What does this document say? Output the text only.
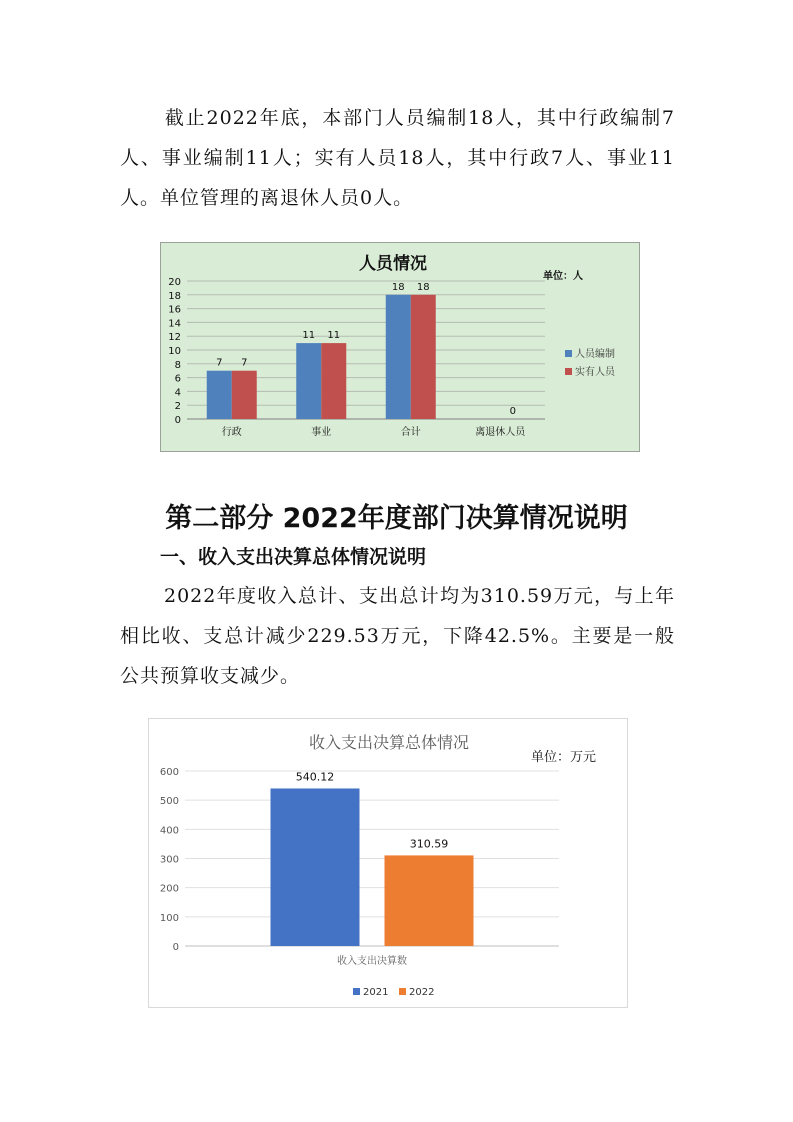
截止2022年底，本部门人员编制18人，其中行政编制7人、事业编制11人；实有人员18人，其中行政7人、事业11人。单位管理的离退休人员0人。
人员情况
单位：人
0
2
4
6
8
10
12
14
16
18
20
行政
7 7
事业
11 11
合计
18 18
离退休人员
0
人员编制
实有人员
第二部分 2022年度部门决算情况说明
一、收入支出决算总体情况说明
2022年度收入总计、支出总计均为310.59万元，与上年相比收、支总计减少229.53万元，下降42.5%。主要是一般公共预算收支减少。
收入支出决算总体情况
单位：万元
0
100
200
300
400
500
600
收入支出决算数
540.12
310.59
2021 2022
